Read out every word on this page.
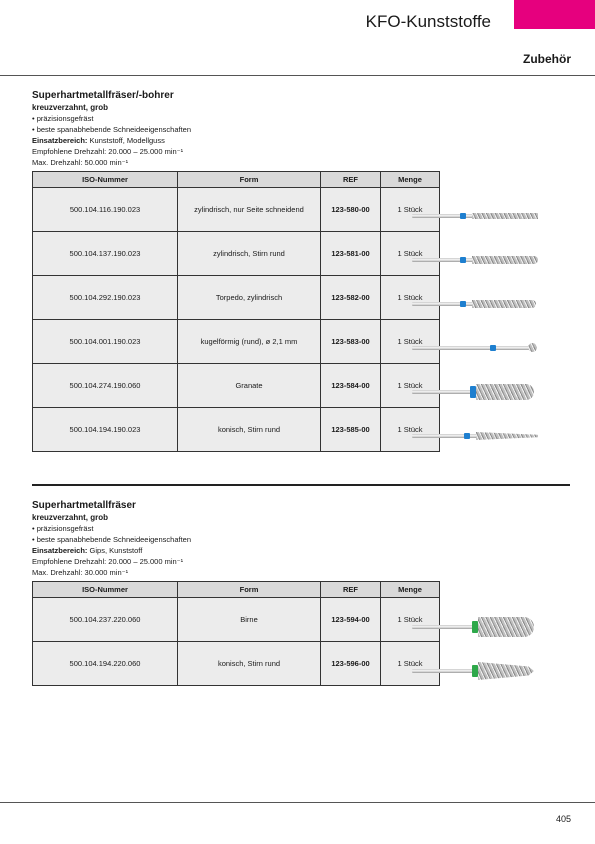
KFO-Kunststoffe
Zubehör
Superhartmetallfräser/-bohrer
kreuzverzahnt, grob
• präzisionsgefräst
• beste spanabhebende Schneideeigenschaften
Einsatzbereich: Kunststoff, Modellguss
Empfohlene Drehzahl: 20.000 – 25.000 min⁻¹
Max. Drehzahl: 50.000 min⁻¹
ISO-Nummer	Form	REF	Menge
500.104.116.190.023	zylindrisch, nur Seite schneidend	123-580-00	1 Stück
500.104.137.190.023	zylindrisch, Stirn rund	123-581-00	1 Stück
500.104.292.190.023	Torpedo, zylindrisch	123-582-00	1 Stück
500.104.001.190.023	kugelförmig (rund), ø 2,1 mm	123-583-00	1 Stück
500.104.274.190.060	Granate	123-584-00	1 Stück
500.104.194.190.023	konisch, Stirn rund	123-585-00	1 Stück
Superhartmetallfräser
kreuzverzahnt, grob
• präzisionsgefräst
• beste spanabhebende Schneideeigenschaften
Einsatzbereich: Gips, Kunststoff
Empfohlene Drehzahl: 20.000 – 25.000 min⁻¹
Max. Drehzahl: 30.000 min⁻¹
ISO-Nummer	Form	REF	Menge
500.104.237.220.060	Birne	123-594-00	1 Stück
500.104.194.220.060	konisch, Stirn rund	123-596-00	1 Stück
405
